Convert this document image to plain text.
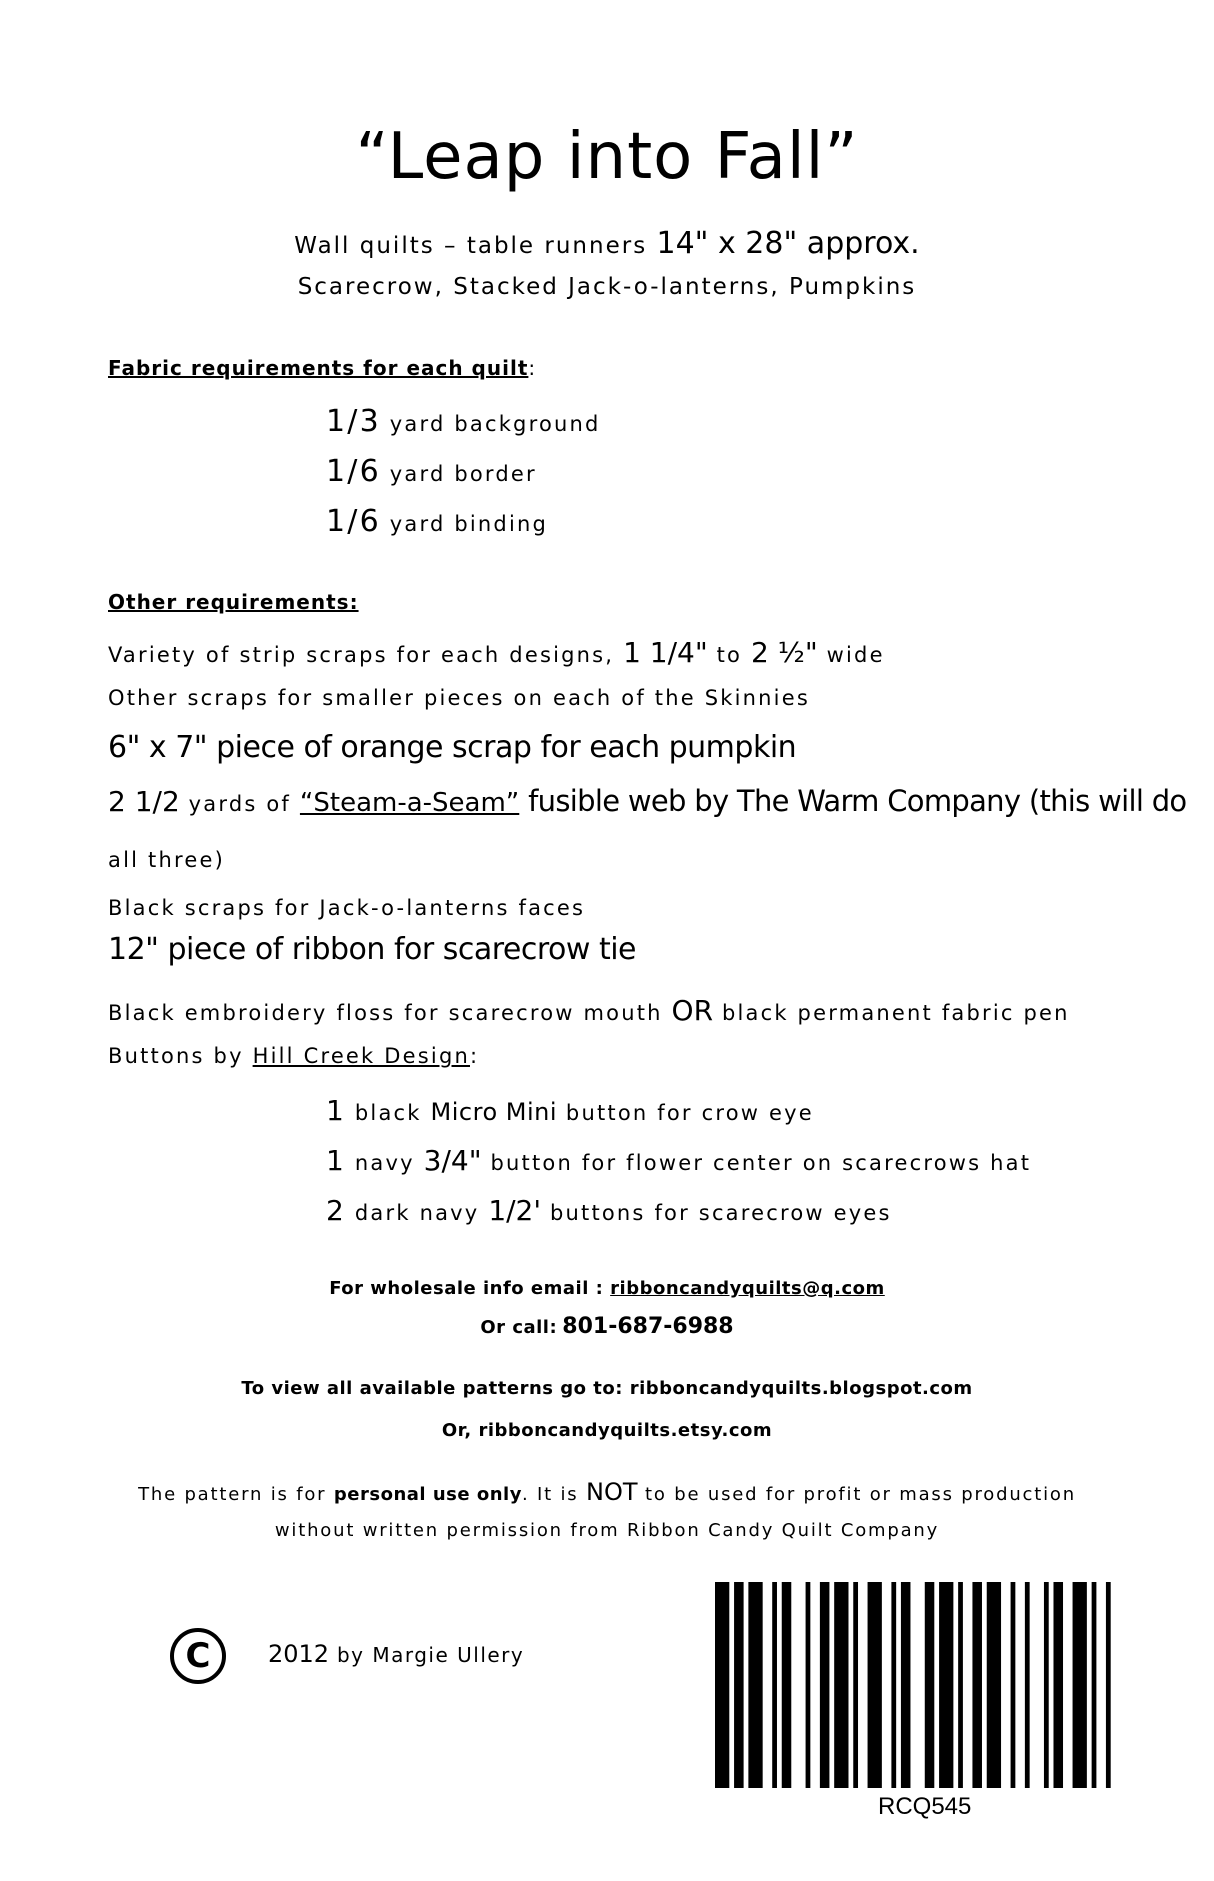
“Leap into Fall”
Wall quilts – table runners 14" x 28" approx.
Scarecrow, Stacked Jack-o-lanterns, Pumpkins
Fabric requirements for each quilt:
1/3 yard background
1/6 yard border
1/6 yard binding
Other requirements:
Variety of strip scraps for each designs, 1 1/4" to 2 ½" wide
Other scraps for smaller pieces on each of the Skinnies
6" x 7" piece of orange scrap for each pumpkin
2 1/2 yards of “Steam-a-Seam” fusible web by The Warm Company (this will do
all three)
Black scraps for Jack-o-lanterns faces
12" piece of ribbon for scarecrow tie
Black embroidery floss for scarecrow mouth OR black permanent fabric pen
Buttons by Hill Creek Design:
1 black Micro Mini button for crow eye
1 navy 3/4" button for flower center on scarecrows hat
2 dark navy 1/2' buttons for scarecrow eyes
For wholesale info email : ribboncandyquilts@q.com
Or call: 801-687-6988
To view all available patterns go to: ribboncandyquilts.blogspot.com
Or, ribboncandyquilts.etsy.com
The pattern is for personal use only. It is NOT to be used for profit or mass production
without written permission from Ribbon Candy Quilt Company
C	2012 by Margie Ullery
RCQ545
